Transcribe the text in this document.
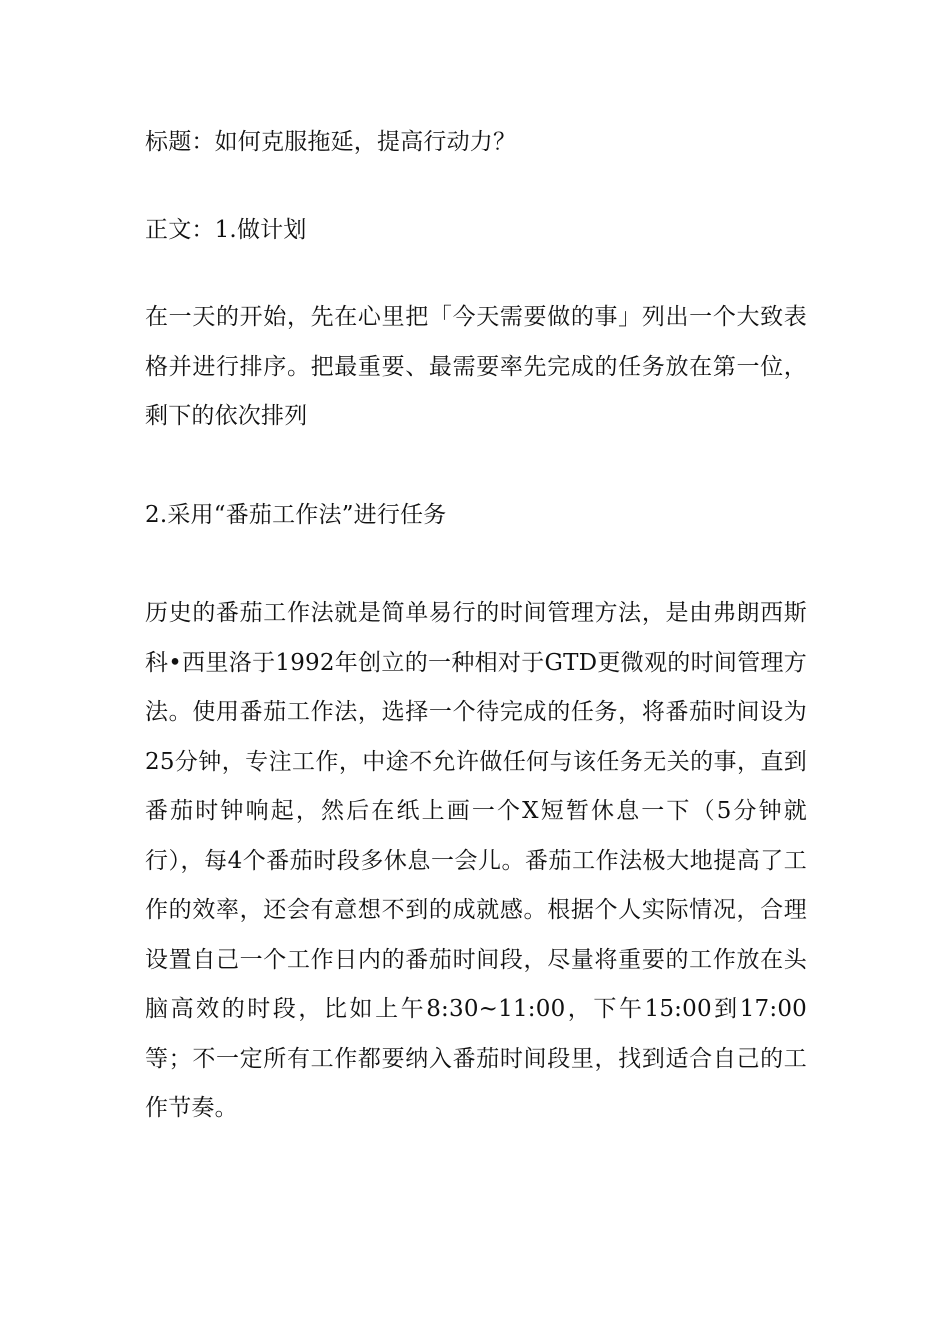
标题：如何克服拖延，提高行动力？

正文：1.做计划

在一天的开始，先在心里把「今天需要做的事」列出一个大致表格并进行排序。把最重要、最需要率先完成的任务放在第一位，剩下的依次排列

2.采用“番茄工作法”进行任务

历史的番茄工作法就是简单易行的时间管理方法，是由弗朗西斯科•西里洛于1992年创立的一种相对于GTD更微观的时间管理方法。使用番茄工作法，选择一个待完成的任务，将番茄时间设为25分钟，专注工作，中途不允许做任何与该任务无关的事，直到番茄时钟响起，然后在纸上画一个X短暂休息一下（5分钟就行），每4个番茄时段多休息一会儿。番茄工作法极大地提高了工作的效率，还会有意想不到的成就感。根据个人实际情况，合理设置自己一个工作日内的番茄时间段，尽量将重要的工作放在头脑高效的时段，比如上午8:30~11:00，下午15:00到17:00等；不一定所有工作都要纳入番茄时间段里，找到适合自己的工作节奏。
